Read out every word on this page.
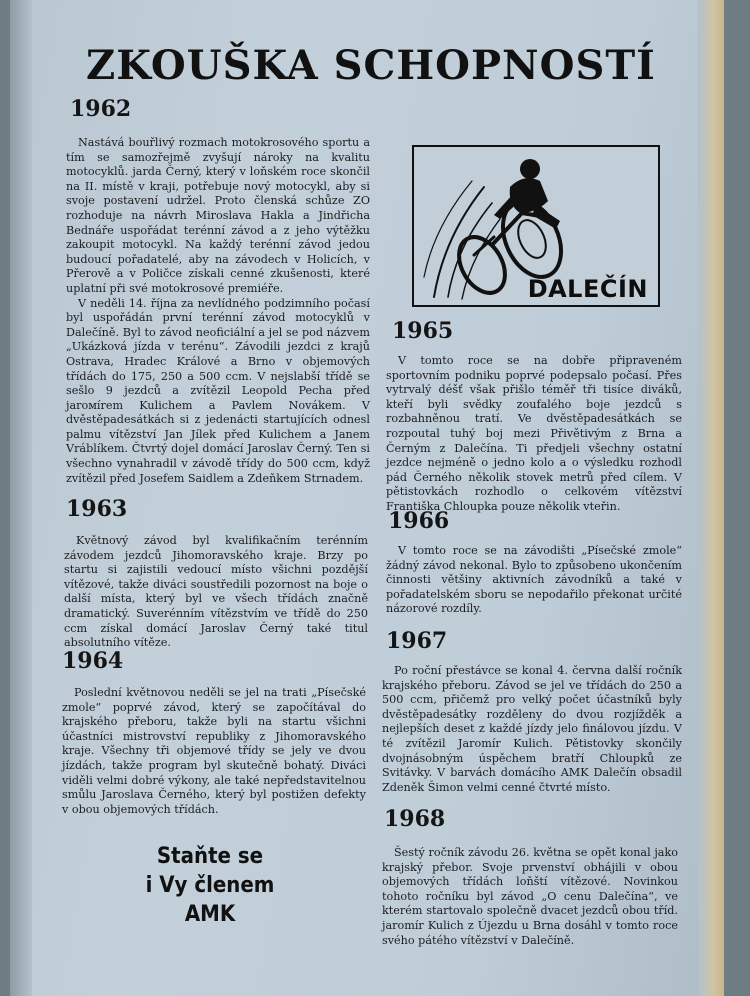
ZKOUŠKA SCHOPNOSTÍ
1962

Nastává bouřlivý rozmach motokrosového sportu a tím se samozřejmě zvyšují nároky na kvalitu motocyklů. jarda Černý, který v loňském roce skončil na II. místě v kraji, potřebuje nový motocykl, aby si svoje postavení udržel. Proto členská schůze ZO rozhoduje na návrh Miroslava Hakla a Jindřicha Bednáře uspořádat terénní závod a z jeho výtěžku zakoupit motocykl. Na každý terénní závod jedou budoucí pořadatelé, aby na závodech v Holicích, v Přerově a v Poličce získali cenné zkušenosti, které uplatní při své motokrosové premiéře.

V neděli 14. října za nevlídného podzimního počasí byl uspořádán první terénní závod motocyklů v Dalečíně. Byl to závod neoficiální a jel se pod názvem „Ukázková jízda v terénu“. Závodili jezdci z krajů Ostrava, Hradec Králové a Brno v objemových třídách do 175, 250 a 500 ccm. V nejslabší třídě se sešlo 9 jezdců a zvítězil Leopold Pecha před jarомírem Kulichem a Pavlem Novákem. V dvěstěpadesátkách si z jedenácti startujících odnesl palmu vítězství Jan Jílek před Kulichem a Janem Vráblíkem. Čtvrtý dojel domácí Jaroslav Černý. Ten si všechno vynahradil v závodě třídy do 500 ccm, když zvítězil před Josefem Saidlem a Zdeňkem Strnadem.

1963

Květnový závod byl kvalifikačním terénním závodem jezdců Jihomoravského kraje. Brzy po startu si zajistili vedoucí místo všichni pozdější vítězové, takže diváci soustředili pozornost na boje o další místa, který byl ve všech třídách značně dramatický. Suverénním vítězstvím ve třídě do 250 ccm získal domácí Jaroslav Černý také titul absolutního vítěze.

1964

Poslední květnovou neděli se jel na trati „Písečské zmole“ poprvé závod, který se započítával do krajského přeboru, takže byli na startu všichni účastníci mistrovství republiky z Jihomoravského kraje. Všechny tři objemové třídy se jely ve dvou jízdách, takže program byl skutečně bohatý. Diváci viděli velmi dobré výkony, ale také nepředstavitelnou smůlu Jaroslava Černého, který byl postižen defekty v obou objemových třídách.

Staňte se
i Vy členem
AMK
DALEČÍN
1965

V tomto roce se na dobře připraveném sportovním podniku poprvé podepsalo počasí. Přes vytrvalý déšť však přišlo téměř tři tisíce diváků, kteří byli svědky zoufalého boje jezdců s rozbahněnou tratí. Ve dvěstěpadesátkách se rozpoutal tuhý boj mezi Přivětivým z Brna a Černým z Dalečína. Ti předjeli všechny ostatní jezdce nejméně o jedno kolo a o výsledku rozhodl pád Černého několik stovek metrů před cílem. V pětistovkách rozhodlo o celkovém vítězství Františka Chloupka pouze několik vteřin.

1966

V tomto roce se na závodišti „Písečské zmole“ žádný závod nekonal. Bylo to způsobeno ukončením činnosti většiny aktivních závodníků a také v pořadatelském sboru se nepodařilo překonat určité názorové rozdíly.

1967

Po roční přestávce se konal 4. června další ročník krajského přeboru. Závod se jel ve třídách do 250 a 500 ccm, přičemž pro velký počet účastníků byly dvěstěpadesátky rozděleny do dvou rozjížděk a nejlepších deset z každé jízdy jelo finálovou jízdu. V té zvítězil Jaromír Kulich. Pětistovky skončily dvojnásobným úspěchem bratří Chloupků ze Svitávky. V barvách domácího AMK Dalečín obsadil Zdeněk Šimon velmi cenné čtvrté místo.

1968

Šestý ročník závodu 26. května se opět konal jako krajský přebor. Svoje prvenství obhájili v obou objemových třídách loňští vítězové. Novinkou tohoto ročníku byl závod „O cenu Dalečína“, ve kterém startovalo společně dvacet jezdců obou tříd. jaromír Kulich z Újezdu u Brna dosáhl v tomto roce svého pátého vítězství v Dalečíně.
